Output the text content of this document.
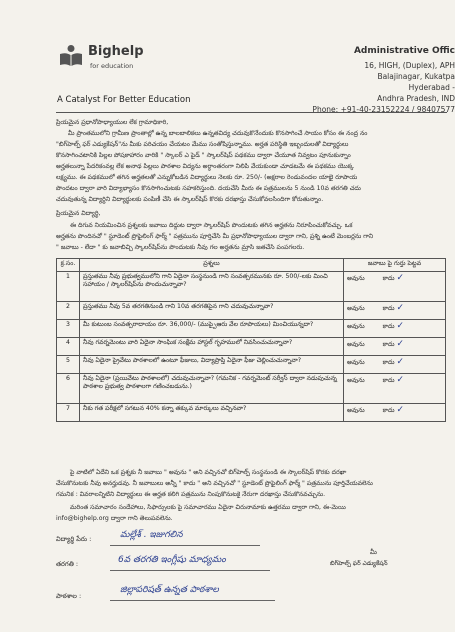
Bighelp
for education
A Catalyst For Better Education
Administrative Offic
16, HIGH, (Duplex), APH
Balajinagar, Kukatpa
Hyderabad -
Andhra Pradesh, IND
Phone: +91-40-23152224 / 98407577
ప్రియమైన ప్రధానోపాధ్యాయుల లేక గ్రామాధికారి,
మీ ప్రాంతములోని గ్రామీణ ప్రాంతాల్లో ఉన్న బాలబాలికలు ఉన్నతవిద్య చదువుకొనేందుకు కొనసాగించే సాయం కోసం ఈ నంద్ర నం
"బిగ్‌హెల్ప్ ఫర్ ఎడ్యుకేషన్"ను మీకు పరిచయం చేయటం మేము సంతోషిస్తున్నాము. అర్హత పరిస్థితి ఇబ్బందులతో విద్యార్థులు
కొనసాగించటానికి పిల్లల పోషకాహారం వారికి " స్కాలర్ ఎ పైడ్ " స్కాలర్‌షిప్ పథకము ద్వారా చేయూత నివ్వటం పూనుకున్నాం
అర్హతలున్నా పేదరికంవల్ల లేక అనాథ పిల్లలు పాఠశాల విద్యను అర్ధాంతరంగా నిలిపి వేయకుండా చూడటమే ఈ పథకము యొక్క
లక్ష్యము. ఈ పథకములో తగిన అర్హతలతో ఎన్నుకోబడిన విద్యార్థులు నెలకు రూ. 250/- (అక్షరాల రెండువందల యాభై రూపాయ
పొందటం ద్వారా వారి విద్యాభ్యాసం కొనసాగించుటకు సహకరిస్తుంది. దయచేసి మీరు ఈ పత్రములను 5 నుండి 10వ తరగతి చదు
చదువుతున్న విద్యార్థిని విద్యార్థులకు పంపిణీ చేసి ఈ స్కాలర్‌షిప్ కొరకు దరఖాస్తు చేసుకోవలసిందిగా కోరుతున్నాం.
ప్రియమైన విద్యార్థి,
ఈ దిగువ నియమించిన ప్రశ్నలకు జవాబు దిద్దుట ద్వారా స్కాలర్‌షిప్ పొందుటకు తగిన అర్హతను నిరూపించుకోవచ్చు. ఒక
అర్హతను పొందినచో " స్టూడెంట్ ప్రొఫైలింగ్ ఫార్మ్ " పత్రమును పూర్తిచేసి మీ ప్రధానోపాధ్యాయుల ద్వారా గాని, ప్రశ్ని ఉంటే మెంబర్లను గాని
" జవాబు - లేదా " కు జవాబిచ్చి స్కాలర్‌షిప్‌ను పొందుటకు నీవు గల అర్హతను మ్రాసి జతచేసి పంపగలరు.
క్ర.సం.	ప్రశ్నలు	జవాబు పై గుర్తు పెట్టవ
1	ప్రస్తుతము నీవు ప్రభుత్వములోని గాని ఏదైనా సంస్థనుండి గాని సంవత్సరమునకు రూ. 500/-లకు మించి సహాయం / స్కాలర్‌షిప్‌ను పొందుచున్నావా?	అవును కాదు ✓
2	ప్రస్తుతము నీవు 5వ తరగతినుండి గాని 10వ తరగతిపైన గాని చదువుచున్నావా?	అవును కాదు ✓
3	మీ కుటుంబ సంవత్సరాదాయం రూ. 36,000/- (ముప్పైఆరు వేల రూపాయలు) మించియున్నదా?	అవును కాదు ✓
4	నీవు గవర్నమెంటు వారి ఏదైనా సాంఘిక సంక్షేమ హాస్టల్ గృహములో నివసించుచున్నావా?	అవును కాదు ✓
5	నీవు ఏదైనా ప్రైవేటు పాఠశాలలో ఉంటూ ఫీజులు, విద్యాప్రాప్తి ఏదైనా ఫీజు చెల్లించుచున్నావా?	అవును కాదు ✓
6	నీవు ఏదైనా (ప్రయివేటు పాఠశాలలో) చదువుచున్నావా? (గమనిక - గవర్నమెంట్ సర్వీస్ ద్వారా నడుపుచున్న పాఠశాల ప్రభుత్వ పాఠశాలగా గణించబడును.)	అవును కాదు ✓
7	నీకు గత పరీక్షలో సగటున 40% కన్నా తక్కువ మార్కులు వచ్చినవా?	అవును కాదు ✓
పై వాటిలో ఏదేని ఒక ప్రశ్నకు నీ జవాబు " అవును " అని వచ్చినచో బిగ్‌హెల్ప్ సంస్థనుండి ఈ స్కాలర్‌షిప్ కొరకు దరఖా
చేసుకొనుటకు నీవు అనర్హుడవు. నీ జవాబులు అన్నీ " కాదు " అని వచ్చినచో " స్టూడెంట్ ప్రొఫైలింగ్ ఫార్మ్ " పత్రమును పూర్తిచేయవలెను
గమనిక : వివరాలన్నిటిని విద్యార్థులు ఈ అర్హత కలిగి పత్రమును నింపుకొనుటకై నేరుగా దరఖాస్తు చేసుకొనవచ్చును.
మరింత సమాచారం సందేహాలు, సిఫార్సులకు పై సమాచారము ఏదైనా చిరునామాకు ఉత్తరము ద్వారా గాని, ఈ-మెయి
info@bighelp.org ద్వారా గాని తెలుపవలెను.
విద్యార్థి పేరు :	మల్లేశ్ . ఇజుగలిన
తరగతి :	6వ తరగతి ఇంగ్లీషు మాధ్యమం
పాఠశాల :
జిల్లాపరిషత్ ఉన్నత పాఠశాల
మీ
బిగ్‌హెల్ప్ ఫర్ ఎడ్యుకేషన్
